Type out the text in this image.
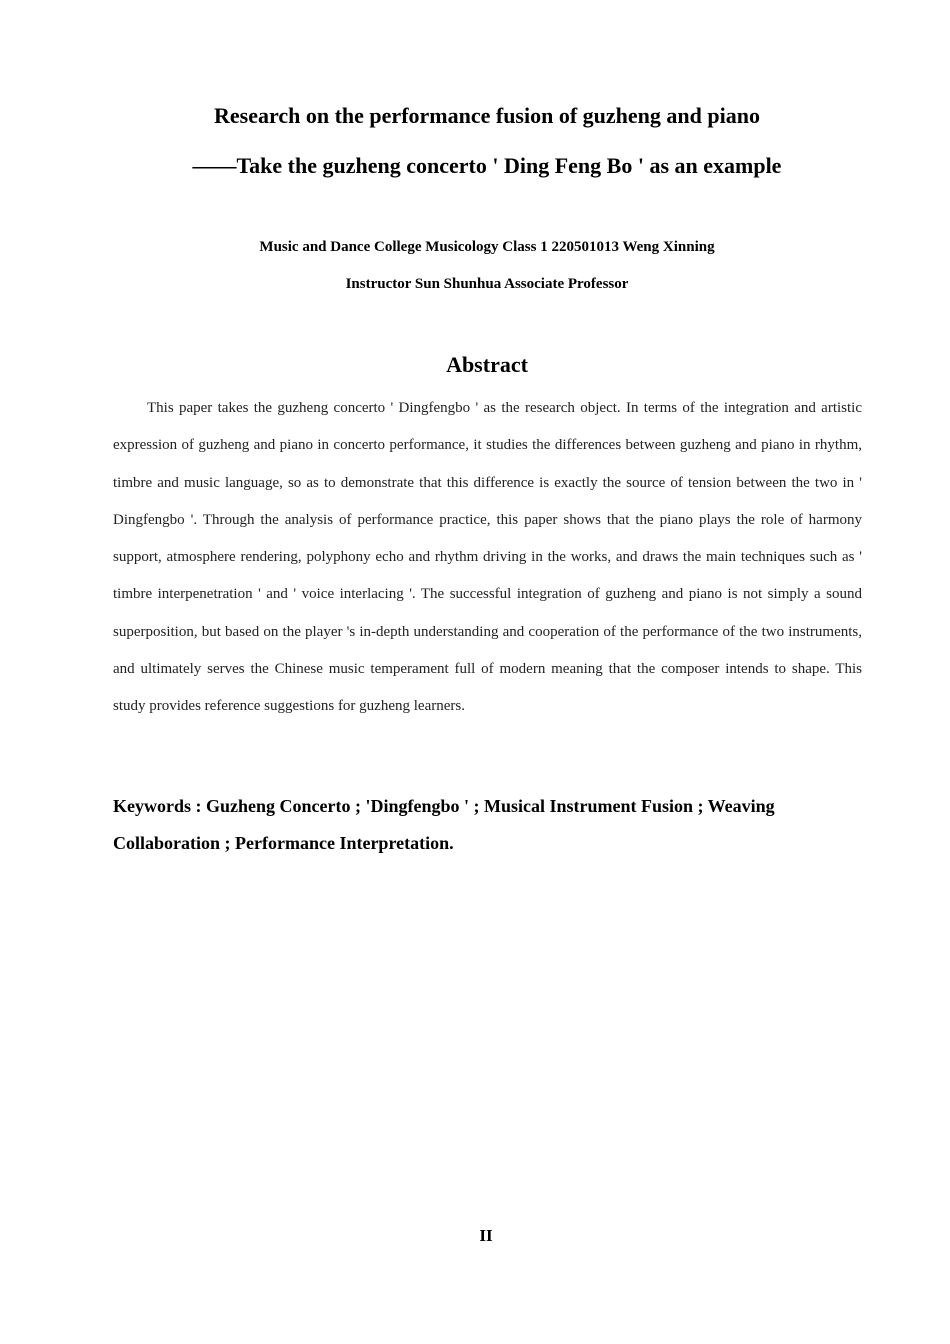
Research on the performance fusion of guzheng and piano
——Take the guzheng concerto ' Ding Feng Bo ' as an example

Music and Dance College Musicology Class 1 220501013 Weng Xinning

Instructor Sun Shunhua Associate Professor

Abstract

This paper takes the guzheng concerto ' Dingfengbo ' as the research object. In terms of the integration and artistic expression of guzheng and piano in concerto performance, it studies the differences between guzheng and piano in rhythm, timbre and music language, so as to demonstrate that this difference is exactly the source of tension between the two in ' Dingfengbo '. Through the analysis of performance practice, this paper shows that the piano plays the role of harmony support, atmosphere rendering, polyphony echo and rhythm driving in the works, and draws the main techniques such as ' timbre interpenetration ' and ' voice interlacing '. The successful integration of guzheng and piano is not simply a sound superposition, but based on the player 's in-depth understanding and cooperation of the performance of the two instruments, and ultimately serves the Chinese music temperament full of modern meaning that the composer intends to shape. This study provides reference suggestions for guzheng learners.

Keywords : Guzheng Concerto ; 'Dingfengbo ' ; Musical Instrument Fusion ; Weaving Collaboration ; Performance Interpretation.

II
